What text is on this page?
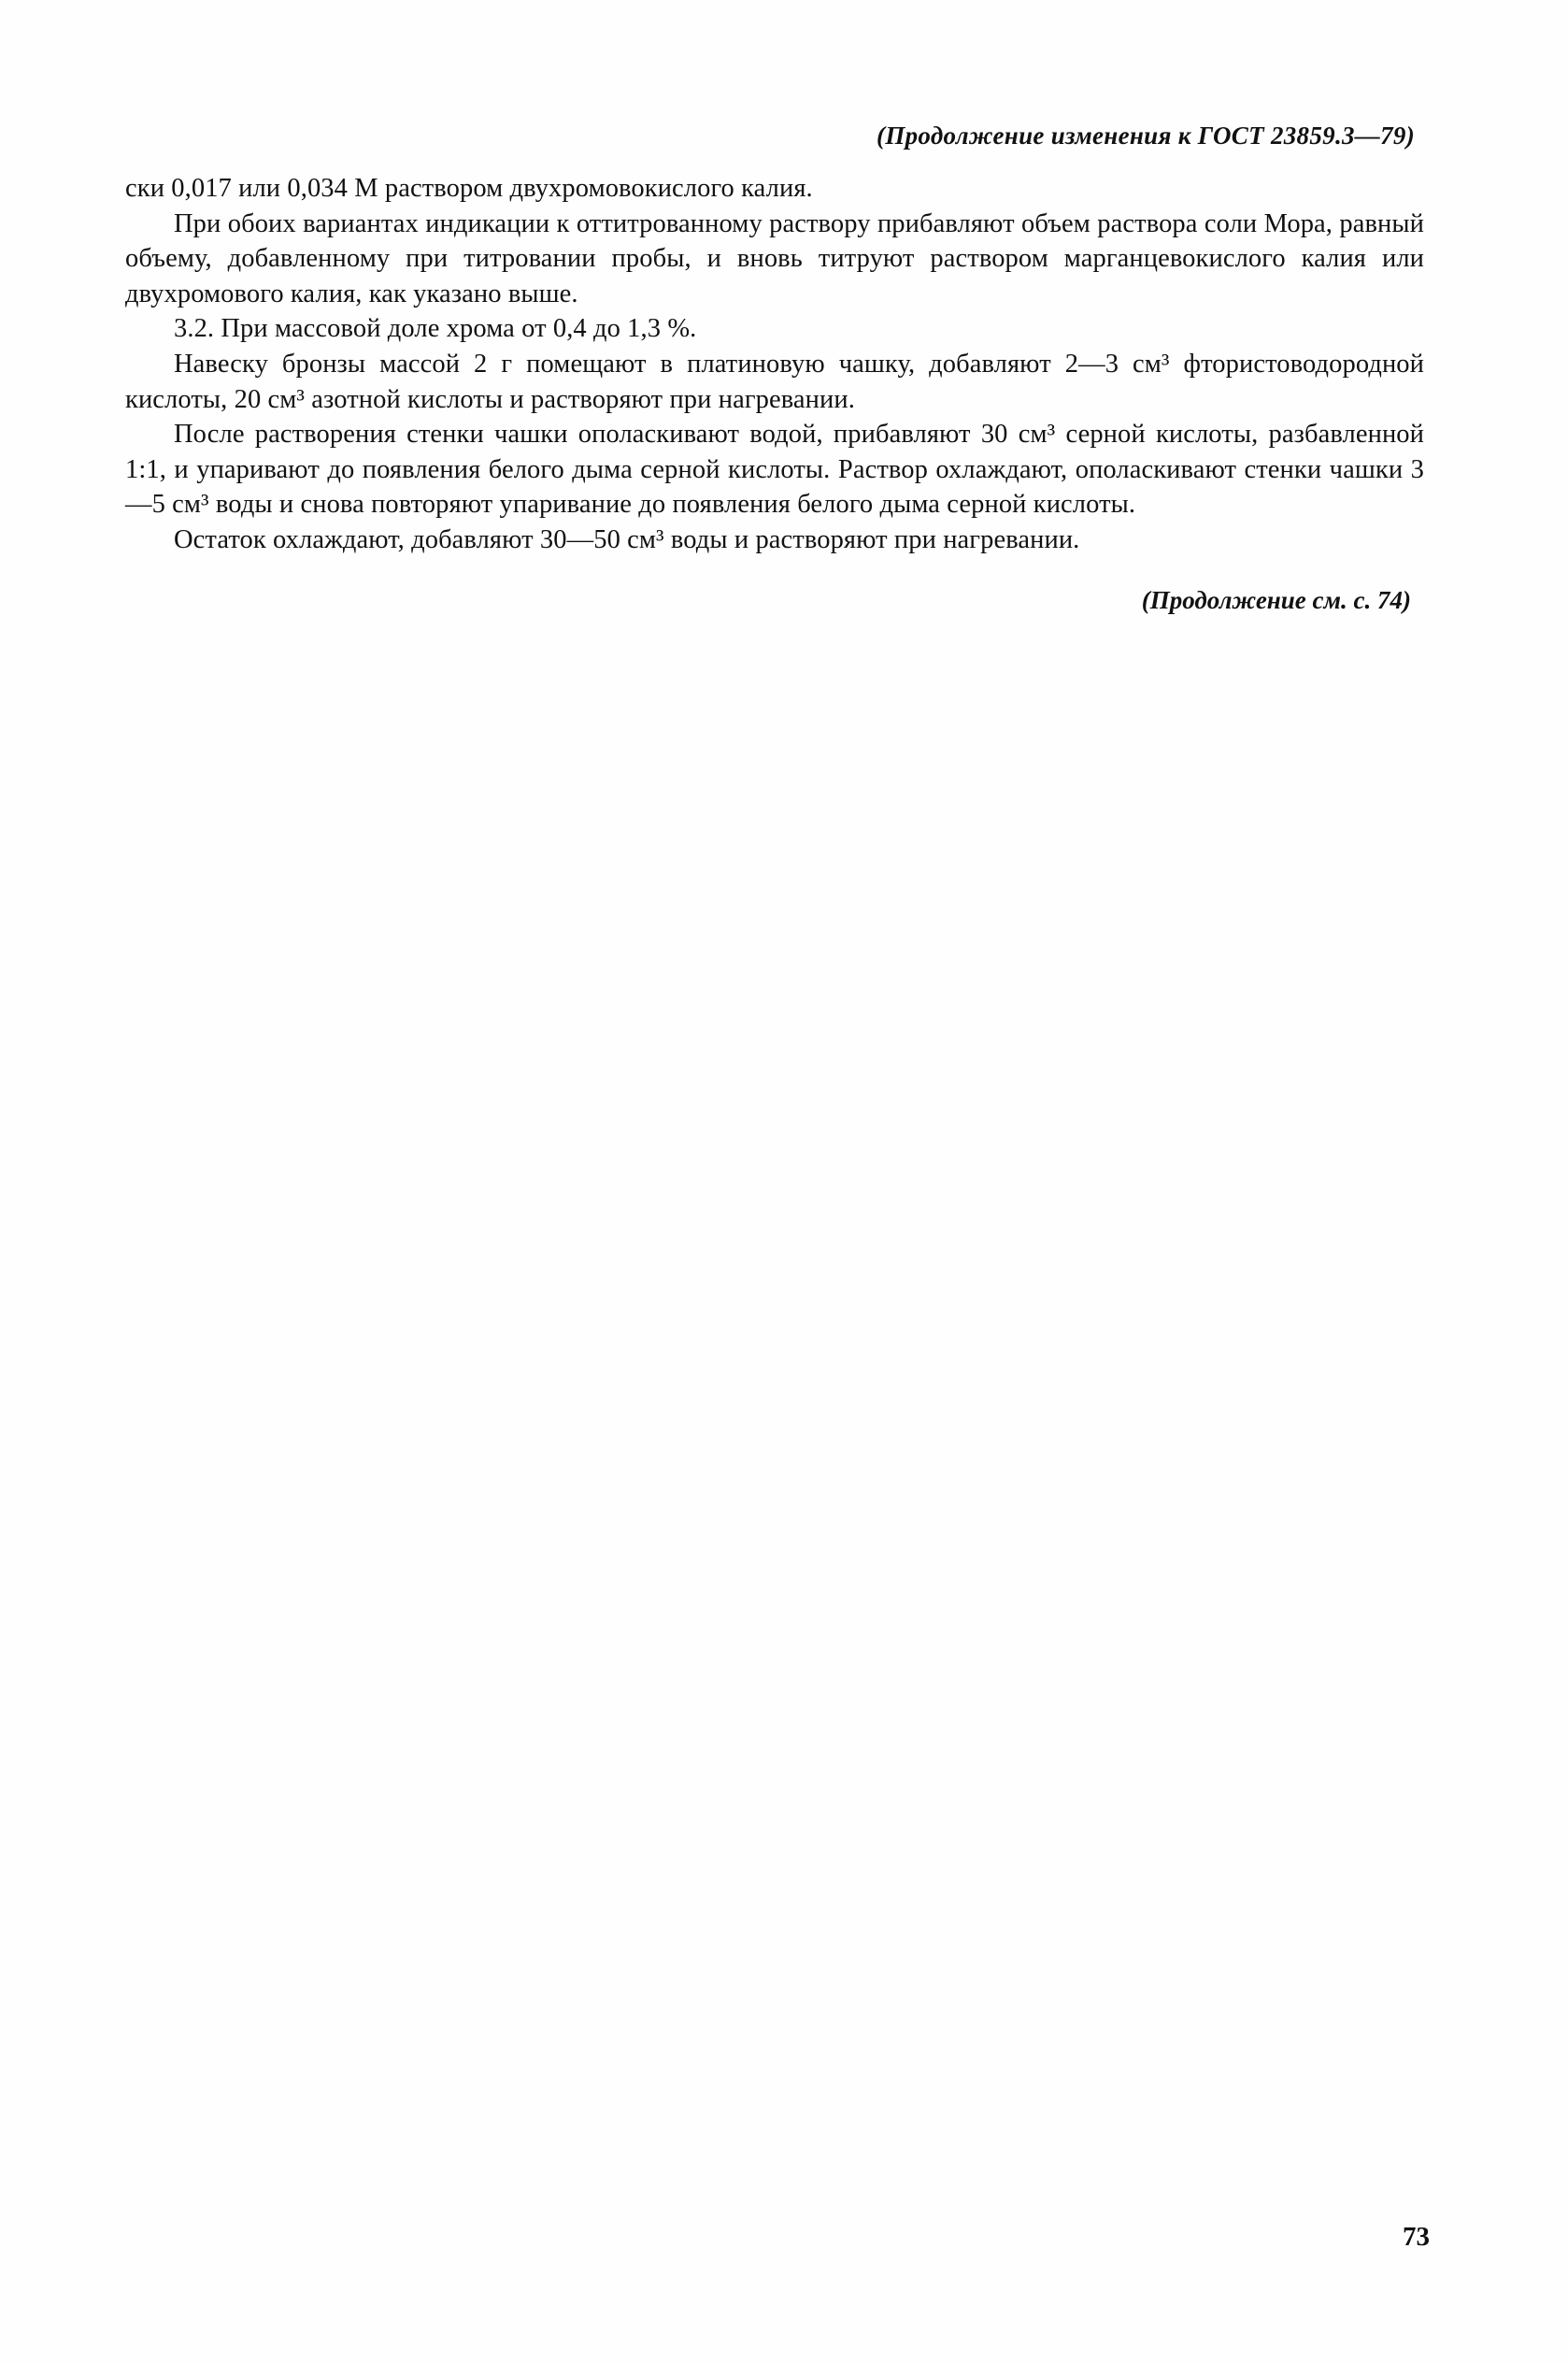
(Продолжение изменения к ГОСТ 23859.3—79)

ски 0,017 или 0,034 М раствором двухромовокислого калия.

При обоих вариантах индикации к оттитрованному раствору прибавляют объем раствора соли Мора, равный объему, добавленному при титровании пробы, и вновь титруют раствором марганцевокислого калия или двухромового калия, как указано выше.

3.2. При массовой доле хрома от 0,4 до 1,3 %.

Навеску бронзы массой 2 г помещают в платиновую чашку, добавляют 2—3 см³ фтористоводородной кислоты, 20 см³ азотной кислоты и растворяют при нагревании.

После растворения стенки чашки ополаскивают водой, прибавляют 30 см³ серной кислоты, разбавленной 1:1, и упаривают до появления белого дыма серной кислоты. Раствор охлаждают, ополаскивают стенки чашки 3—5 см³ воды и снова повторяют упаривание до появления белого дыма серной кислоты.

Остаток охлаждают, добавляют 30—50 см³ воды и растворяют при нагревании.

(Продолжение см. с. 74)
73
